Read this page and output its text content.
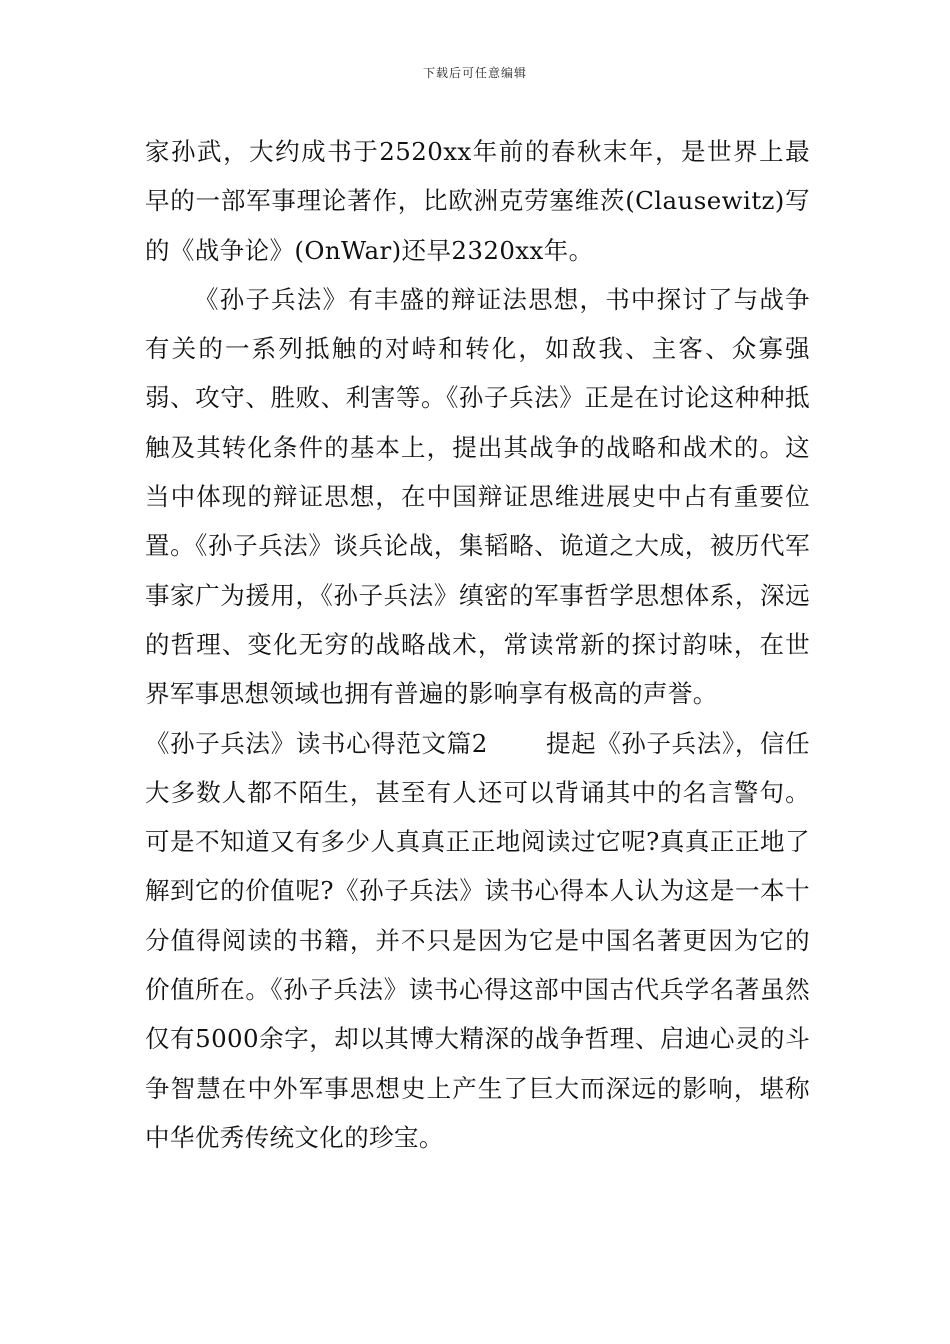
下载后可任意编辑

家孙武，大约成书于2520xx年前的春秋末年，是世界上最早的一部军事理论著作，比欧洲克劳塞维茨(Clausewitz)写的《战争论》(OnWar)还早2320xx年。

《孙子兵法》有丰盛的辩证法思想，书中探讨了与战争有关的一系列抵触的对峙和转化，如敌我、主客、众寡强弱、攻守、胜败、利害等。《孙子兵法》正是在讨论这种种抵触及其转化条件的基本上，提出其战争的战略和战术的。这当中体现的辩证思想，在中国辩证思维进展史中占有重要位置。《孙子兵法》谈兵论战，集韬略、诡道之大成，被历代军事家广为援用，《孙子兵法》缜密的军事哲学思想体系，深远的哲理、变化无穷的战略战术，常读常新的探讨韵味，在世界军事思想领域也拥有普遍的影响享有极高的声誉。

《孙子兵法》读书心得范文篇2 提起《孙子兵法》，信任大多数人都不陌生，甚至有人还可以背诵其中的名言警句。可是不知道又有多少人真真正正地阅读过它呢?真真正正地了解到它的价值呢?《孙子兵法》读书心得本人认为这是一本十分值得阅读的书籍，并不只是因为它是中国名著更因为它的价值所在。《孙子兵法》读书心得这部中国古代兵学名著虽然仅有5000余字，却以其博大精深的战争哲理、启迪心灵的斗争智慧在中外军事思想史上产生了巨大而深远的影响，堪称中华优秀传统文化的珍宝。
